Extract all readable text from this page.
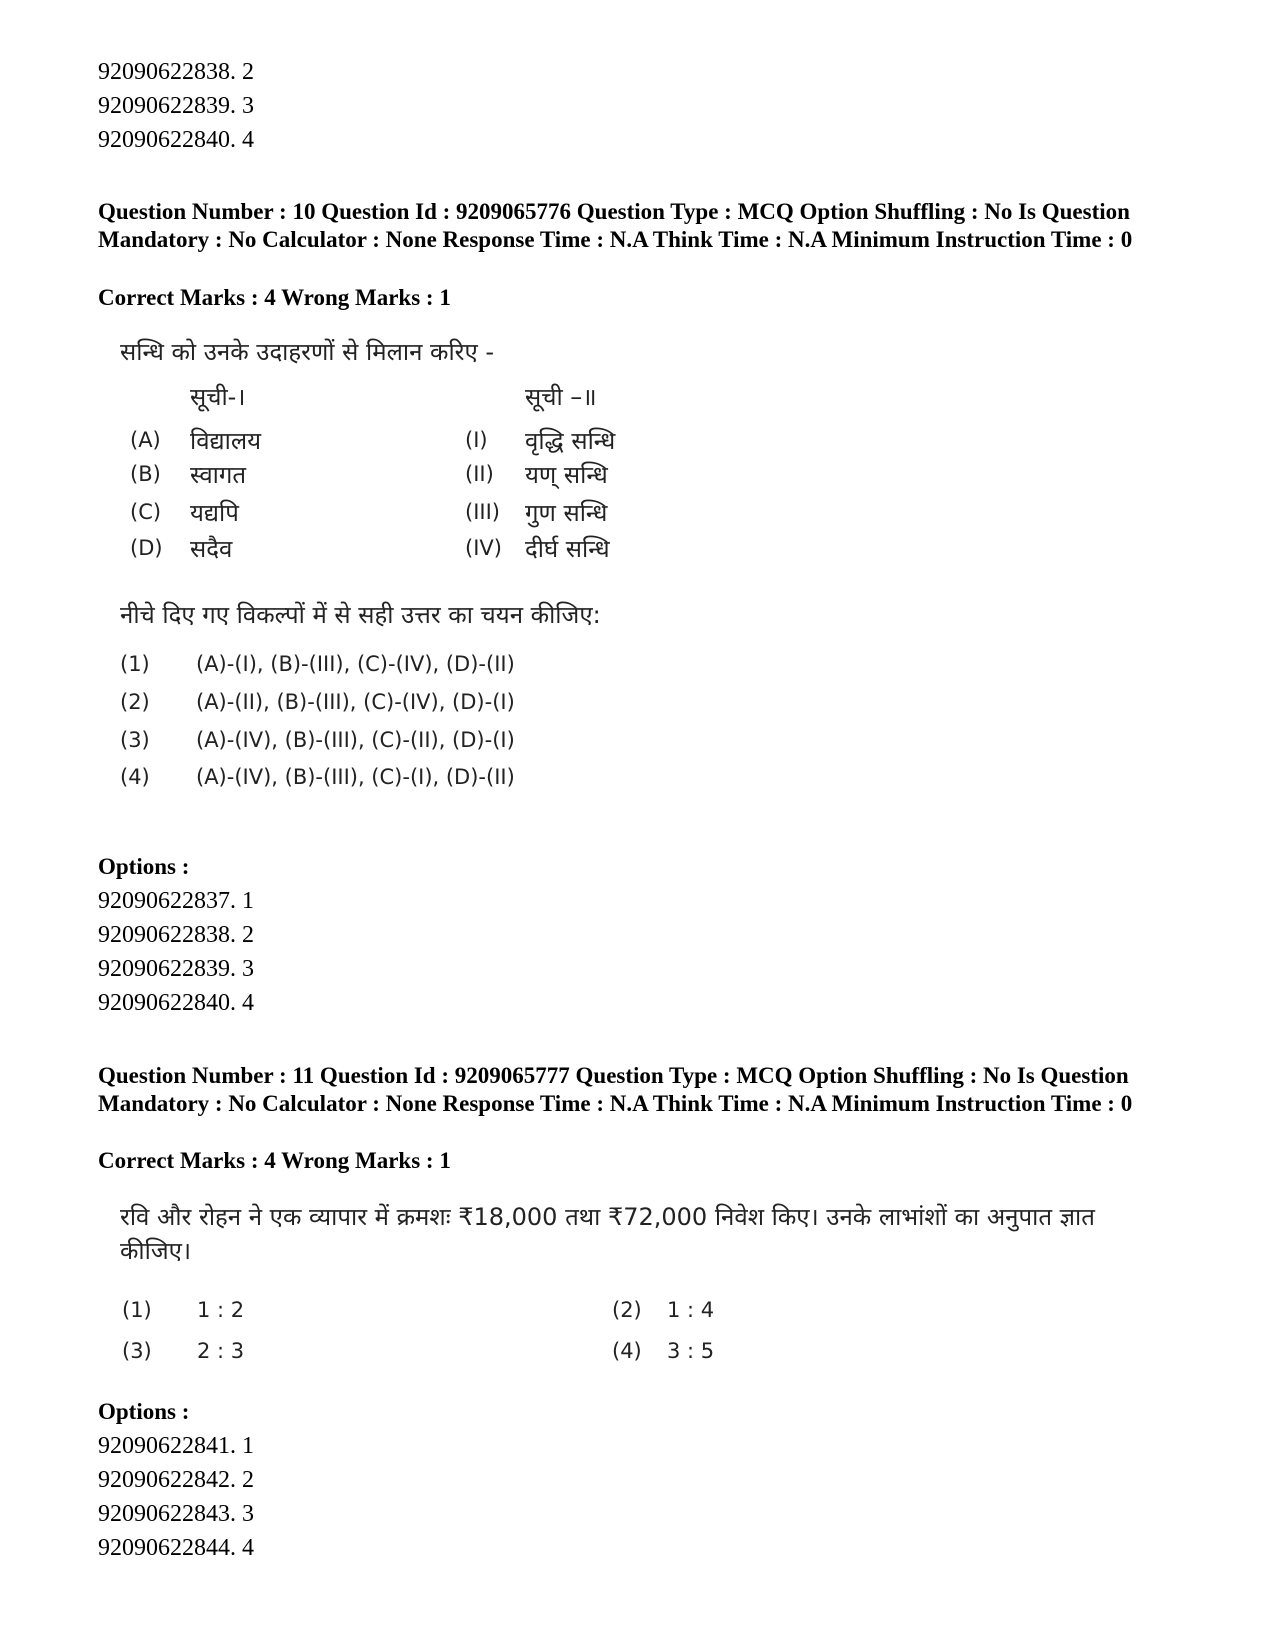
92090622838. 2
92090622839. 3
92090622840. 4
Question Number : 10 Question Id : 9209065776 Question Type : MCQ Option Shuffling : No Is Question Mandatory : No Calculator : None Response Time : N.A Think Time : N.A Minimum Instruction Time : 0
Correct Marks : 4 Wrong Marks : 1
सन्धि को उनके उदाहरणों से मिलान करिए -
सूची-।	सूची –॥
(A) विद्यालय	(I) वृद्धि सन्धि
(B) स्वागत	(II) यण् सन्धि
(C) यद्यपि	(III) गुण सन्धि
(D) सदैव	(IV) दीर्घ सन्धि
नीचे दिए गए विकल्पों में से सही उत्तर का चयन कीजिए:
(1) (A)-(I), (B)-(III), (C)-(IV), (D)-(II)
(2) (A)-(II), (B)-(III), (C)-(IV), (D)-(I)
(3) (A)-(IV), (B)-(III), (C)-(II), (D)-(I)
(4) (A)-(IV), (B)-(III), (C)-(I), (D)-(II)
Options :
92090622837. 1
92090622838. 2
92090622839. 3
92090622840. 4
Question Number : 11 Question Id : 9209065777 Question Type : MCQ Option Shuffling : No Is Question Mandatory : No Calculator : None Response Time : N.A Think Time : N.A Minimum Instruction Time : 0
Correct Marks : 4 Wrong Marks : 1
रवि और रोहन ने एक व्यापार में क्रमशः ₹18,000 तथा ₹72,000 निवेश किए। उनके लाभांशों का अनुपात ज्ञात
कीजिए।
(1) 1 : 2	(2) 1 : 4
(3) 2 : 3	(4) 3 : 5
Options :
92090622841. 1
92090622842. 2
92090622843. 3
92090622844. 4
